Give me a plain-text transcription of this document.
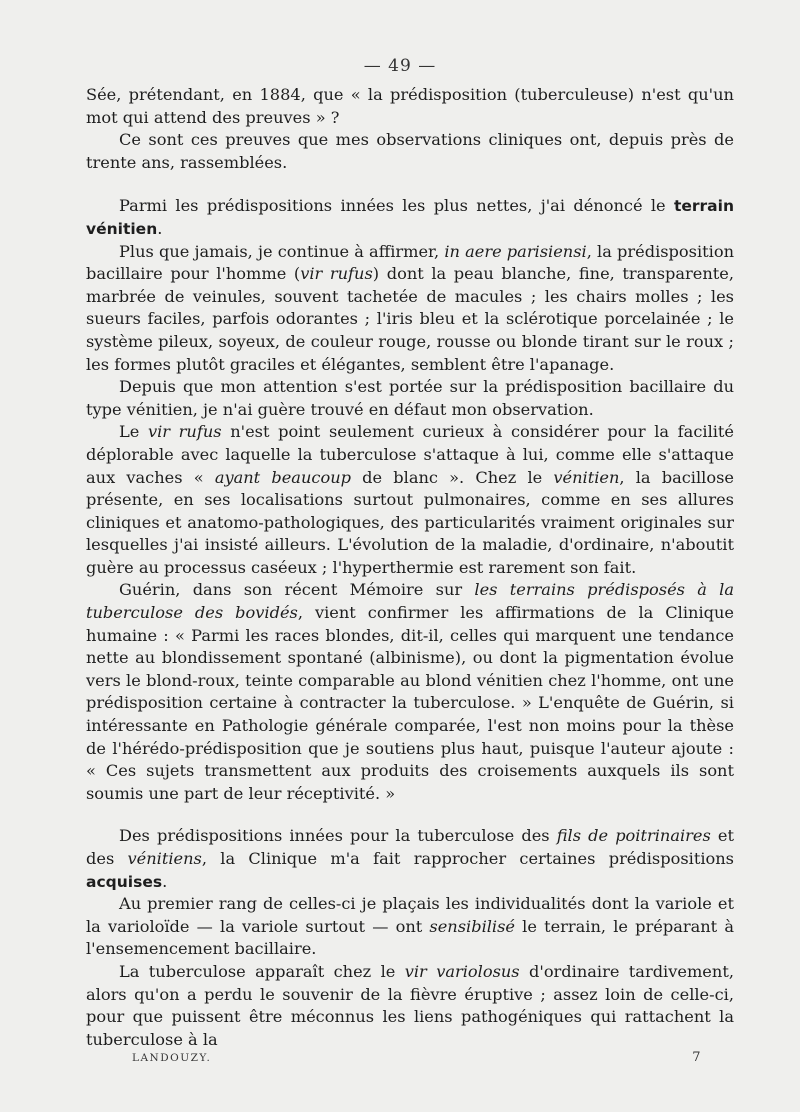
— 49 —

Sée, prétendant, en 1884, que « la prédisposition (tuberculeuse) n'est qu'un mot qui attend des preuves » ?

Ce sont ces preuves que mes observations cliniques ont, depuis près de trente ans, rassemblées.

Parmi les prédispositions innées les plus nettes, j'ai dénoncé le terrain vénitien.

Plus que jamais, je continue à affirmer, in aere parisiensi, la prédisposition bacillaire pour l'homme (vir rufus) dont la peau blanche, fine, transparente, marbrée de veinules, souvent tachetée de macules ; les chairs molles ; les sueurs faciles, parfois odorantes ; l'iris bleu et la sclérotique porcelainée ; le système pileux, soyeux, de couleur rouge, rousse ou blonde tirant sur le roux ; les formes plutôt graciles et élégantes, semblent être l'apanage.

Depuis que mon attention s'est portée sur la prédisposition bacillaire du type vénitien, je n'ai guère trouvé en défaut mon observation.

Le vir rufus n'est point seulement curieux à considérer pour la facilité déplorable avec laquelle la tuberculose s'attaque à lui, comme elle s'attaque aux vaches « ayant beaucoup de blanc ». Chez le vénitien, la bacillose présente, en ses localisations surtout pulmonaires, comme en ses allures cliniques et anatomo-pathologiques, des particularités vraiment originales sur lesquelles j'ai insisté ailleurs. L'évolution de la maladie, d'ordinaire, n'aboutit guère au processus caséeux ; l'hyperthermie est rarement son fait.

Guérin, dans son récent Mémoire sur les terrains prédisposés à la tuberculose des bovidés, vient confirmer les affirmations de la Clinique humaine : « Parmi les races blondes, dit-il, celles qui marquent une tendance nette au blondissement spontané (albinisme), ou dont la pigmentation évolue vers le blond-roux, teinte comparable au blond vénitien chez l'homme, ont une prédisposition certaine à contracter la tuberculose. » L'enquête de Guérin, si intéressante en Pathologie générale comparée, l'est non moins pour la thèse de l'hérédo-prédisposition que je soutiens plus haut, puisque l'auteur ajoute : « Ces sujets transmettent aux produits des croisements auxquels ils sont soumis une part de leur réceptivité. »

Des prédispositions innées pour la tuberculose des fils de poitrinaires et des vénitiens, la Clinique m'a fait rapprocher certaines prédispositions acquises.

Au premier rang de celles-ci je plaçais les individualités dont la variole et la varioloïde — la variole surtout — ont sensibilisé le terrain, le préparant à l'ensemencement bacillaire.

La tuberculose apparaît chez le vir variolosus d'ordinaire tardivement, alors qu'on a perdu le souvenir de la fièvre éruptive ; assez loin de celle-ci, pour que puissent être méconnus les liens pathogéniques qui rattachent la tuberculose à la

LANDOUZY.	7
